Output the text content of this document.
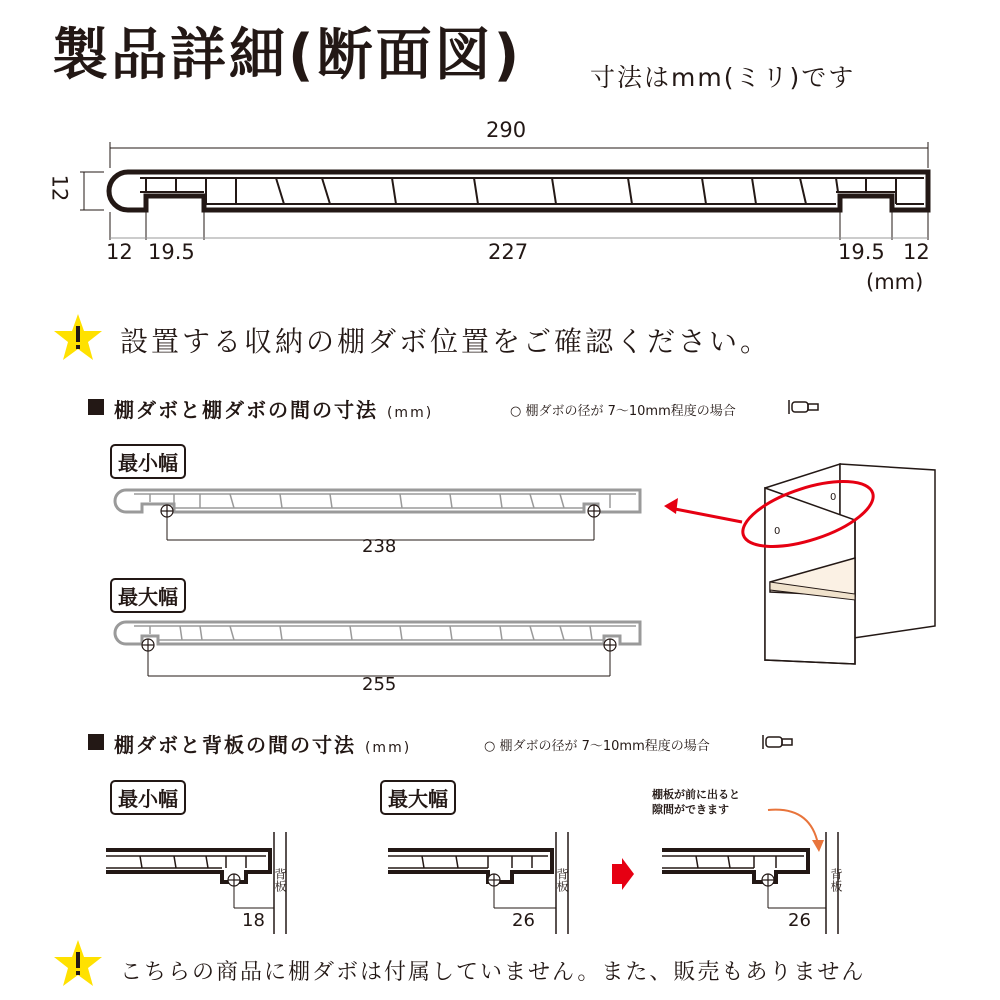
製品詳細(断面図)	寸法はmm(ミリ)です
290
12
12 19.5	227	19.5 12
(mm)
設置する収納の棚ダボ位置をご確認ください。
棚ダボと棚ダボの間の寸法 (mm)	○ 棚ダボの径が 7〜10mm程度の場合
最小幅
238
最大幅
255
0
0
棚ダボと背板の間の寸法 (mm)	○ 棚ダボの径が 7〜10mm程度の場合
最小幅	最大幅
背板
18
背板
26
棚板が前に出ると
隙間ができます
背板
26
こちらの商品に棚ダボは付属していません。また、販売もありません
